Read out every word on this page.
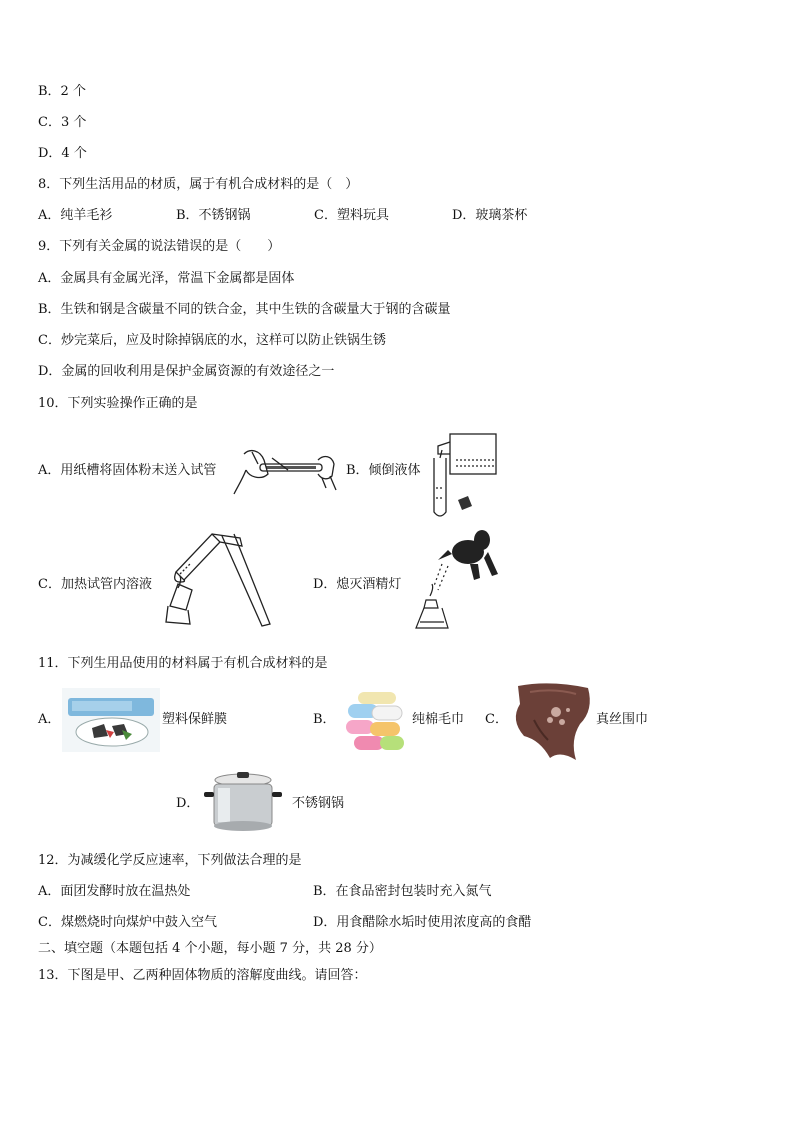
B．2 个
C．3 个
D．4 个
8．下列生活用品的材质，属于有机合成材料的是（　）
A．纯羊毛衫	B．不锈钢锅	C．塑料玩具	D．玻璃茶杯
9．下列有关金属的说法错误的是（　　）
A．金属具有金属光泽，常温下金属都是固体
B．生铁和钢是含碳量不同的铁合金，其中生铁的含碳量大于钢的含碳量
C．炒完菜后，应及时除掉锅底的水，这样可以防止铁锅生锈
D．金属的回收利用是保护金属资源的有效途径之一
10．下列实验操作正确的是
A．用纸槽将固体粉末送入试管	B．倾倒液体
C．加热试管内溶液	D．熄灭酒精灯
11．下列生用品使用的材料属于有机合成材料的是
A．	塑料保鲜膜	B．	纯棉毛巾 C．	真丝围巾
D．	不锈钢锅
12．为减缓化学反应速率，下列做法合理的是
A．面团发酵时放在温热处	B．在食品密封包装时充入氮气
C．煤燃烧时向煤炉中鼓入空气	D．用食醋除水垢时使用浓度高的食醋
二、填空题（本题包括 4 个小题，每小题 7 分，共 28 分）
13．下图是甲、乙两种固体物质的溶解度曲线。请回答：
